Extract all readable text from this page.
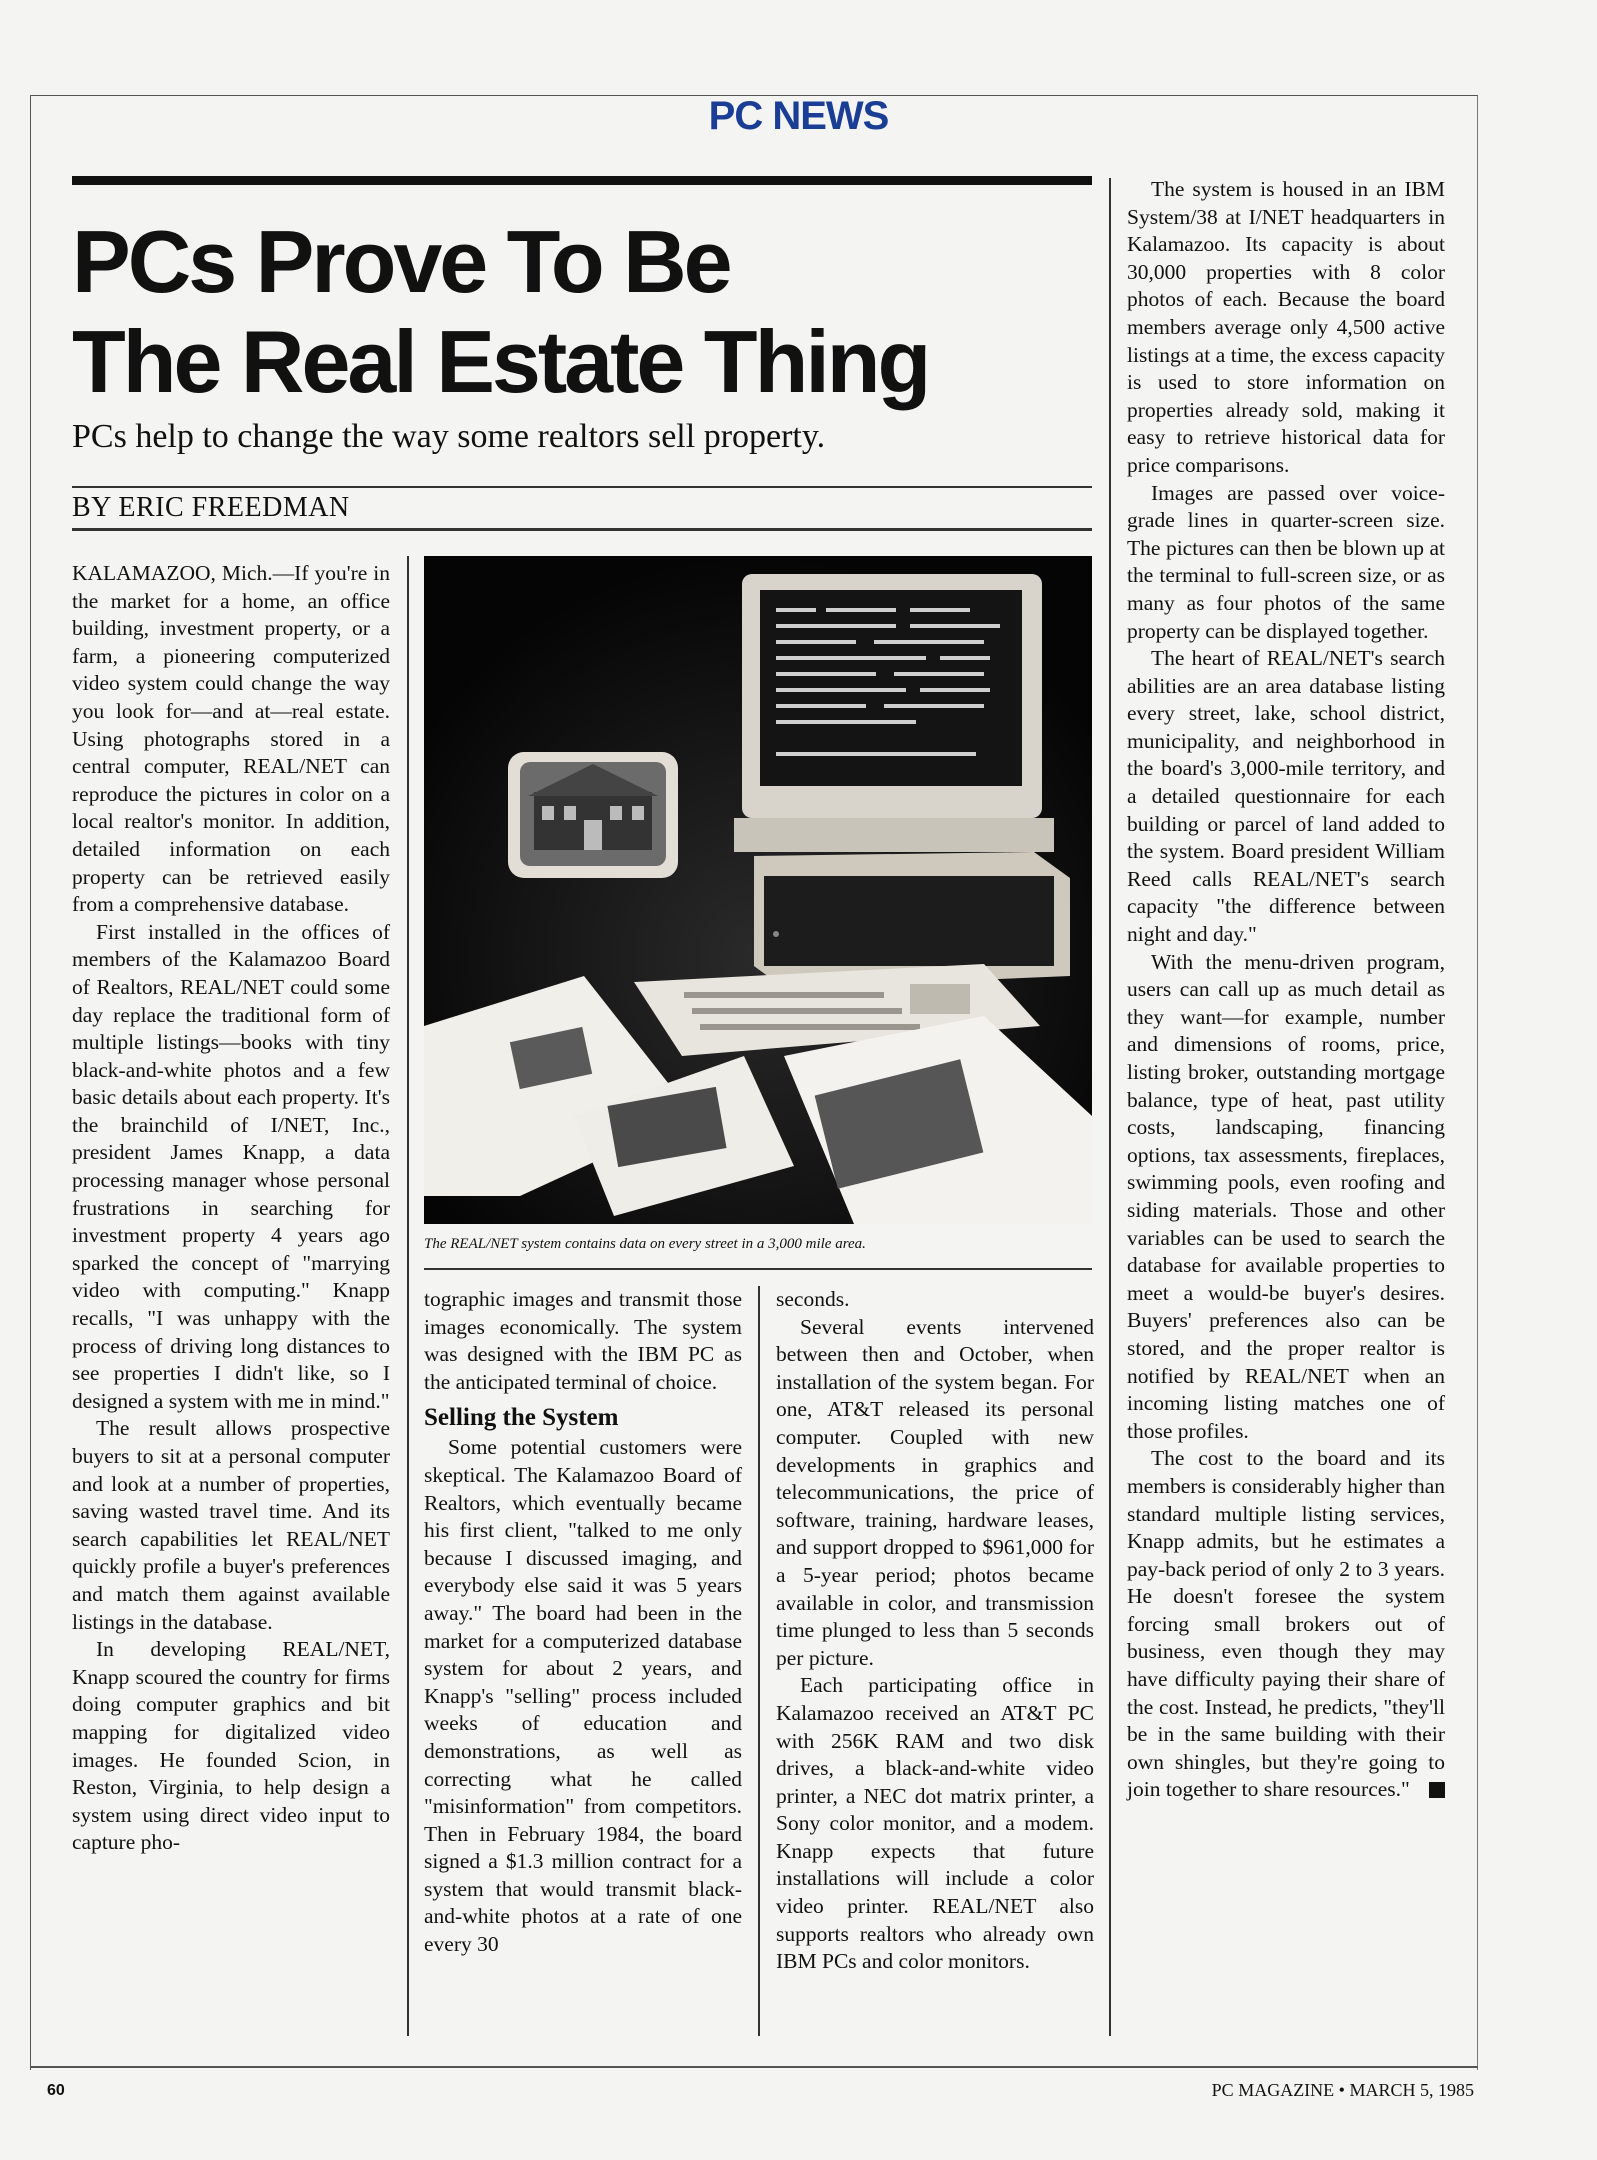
PC NEWS
PCs Prove To Be
The Real Estate Thing
PCs help to change the way some realtors sell property.
BY ERIC FREEDMAN

KALAMAZOO, Mich.—If you're in the market for a home, an office building, investment property, or a farm, a pioneering computerized video system could change the way you look for—and at—real estate. Using photographs stored in a central computer, REAL/NET can reproduce the pictures in color on a local realtor's monitor. In addition, detailed information on each property can be retrieved easily from a comprehensive database.

First installed in the offices of members of the Kalamazoo Board of Realtors, REAL/NET could some day replace the traditional form of multiple listings—books with tiny black-and-white photos and a few basic details about each property. It's the brainchild of I/NET, Inc., president James Knapp, a data processing manager whose personal frustrations in searching for investment property 4 years ago sparked the concept of "marrying video with computing." Knapp recalls, "I was unhappy with the process of driving long distances to see properties I didn't like, so I designed a system with me in mind."

The result allows prospective buyers to sit at a personal computer and look at a number of properties, saving wasted travel time. And its search capabilities let REAL/NET quickly profile a buyer's preferences and match them against available listings in the database.

In developing REAL/NET, Knapp scoured the country for firms doing computer graphics and bit mapping for digitalized video images. He founded Scion, in Reston, Virginia, to help design a system using direct video input to capture pho-

The REAL/NET system contains data on every street in a 3,000 mile area.

tographic images and transmit those images economically. The system was designed with the IBM PC as the anticipated terminal of choice.

Selling the System

Some potential customers were skeptical. The Kalamazoo Board of Realtors, which eventually became his first client, "talked to me only because I discussed imaging, and everybody else said it was 5 years away." The board had been in the market for a computerized database system for about 2 years, and Knapp's "selling" process included weeks of education and demonstrations, as well as correcting what he called "misinformation" from competitors. Then in February 1984, the board signed a $1.3 million contract for a system that would transmit black-and-white photos at a rate of one every 30

seconds.

Several events intervened between then and October, when installation of the system began. For one, AT&T released its personal computer. Coupled with new developments in graphics and telecommunications, the price of software, training, hardware leases, and support dropped to $961,000 for a 5-year period; photos became available in color, and transmission time plunged to less than 5 seconds per picture.

Each participating office in Kalamazoo received an AT&T PC with 256K RAM and two disk drives, a black-and-white video printer, a NEC dot matrix printer, a Sony color monitor, and a modem. Knapp expects that future installations will include a color video printer. REAL/NET also supports realtors who already own IBM PCs and color monitors.

The system is housed in an IBM System/38 at I/NET headquarters in Kalamazoo. Its capacity is about 30,000 properties with 8 color photos of each. Because the board members average only 4,500 active listings at a time, the excess capacity is used to store information on properties already sold, making it easy to retrieve historical data for price comparisons.

Images are passed over voice-grade lines in quarter-screen size. The pictures can then be blown up at the terminal to full-screen size, or as many as four photos of the same property can be displayed together.

The heart of REAL/NET's search abilities are an area database listing every street, lake, school district, municipality, and neighborhood in the board's 3,000-mile territory, and a detailed questionnaire for each building or parcel of land added to the system. Board president William Reed calls REAL/NET's search capacity "the difference between night and day."

With the menu-driven program, users can call up as much detail as they want—for example, number and dimensions of rooms, price, listing broker, outstanding mortgage balance, type of heat, past utility costs, landscaping, financing options, tax assessments, fireplaces, swimming pools, even roofing and siding materials. Those and other variables can be used to search the database for available properties to meet a would-be buyer's desires. Buyers' preferences also can be stored, and the proper realtor is notified by REAL/NET when an incoming listing matches one of those profiles.

The cost to the board and its members is considerably higher than standard multiple listing services, Knapp admits, but he estimates a pay-back period of only 2 to 3 years. He doesn't foresee the system forcing small brokers out of business, even though they may have difficulty paying their share of the cost. Instead, he predicts, "they'll be in the same building with their own shingles, but they're going to join together to share resources."

60	PC MAGAZINE • MARCH 5, 1985
